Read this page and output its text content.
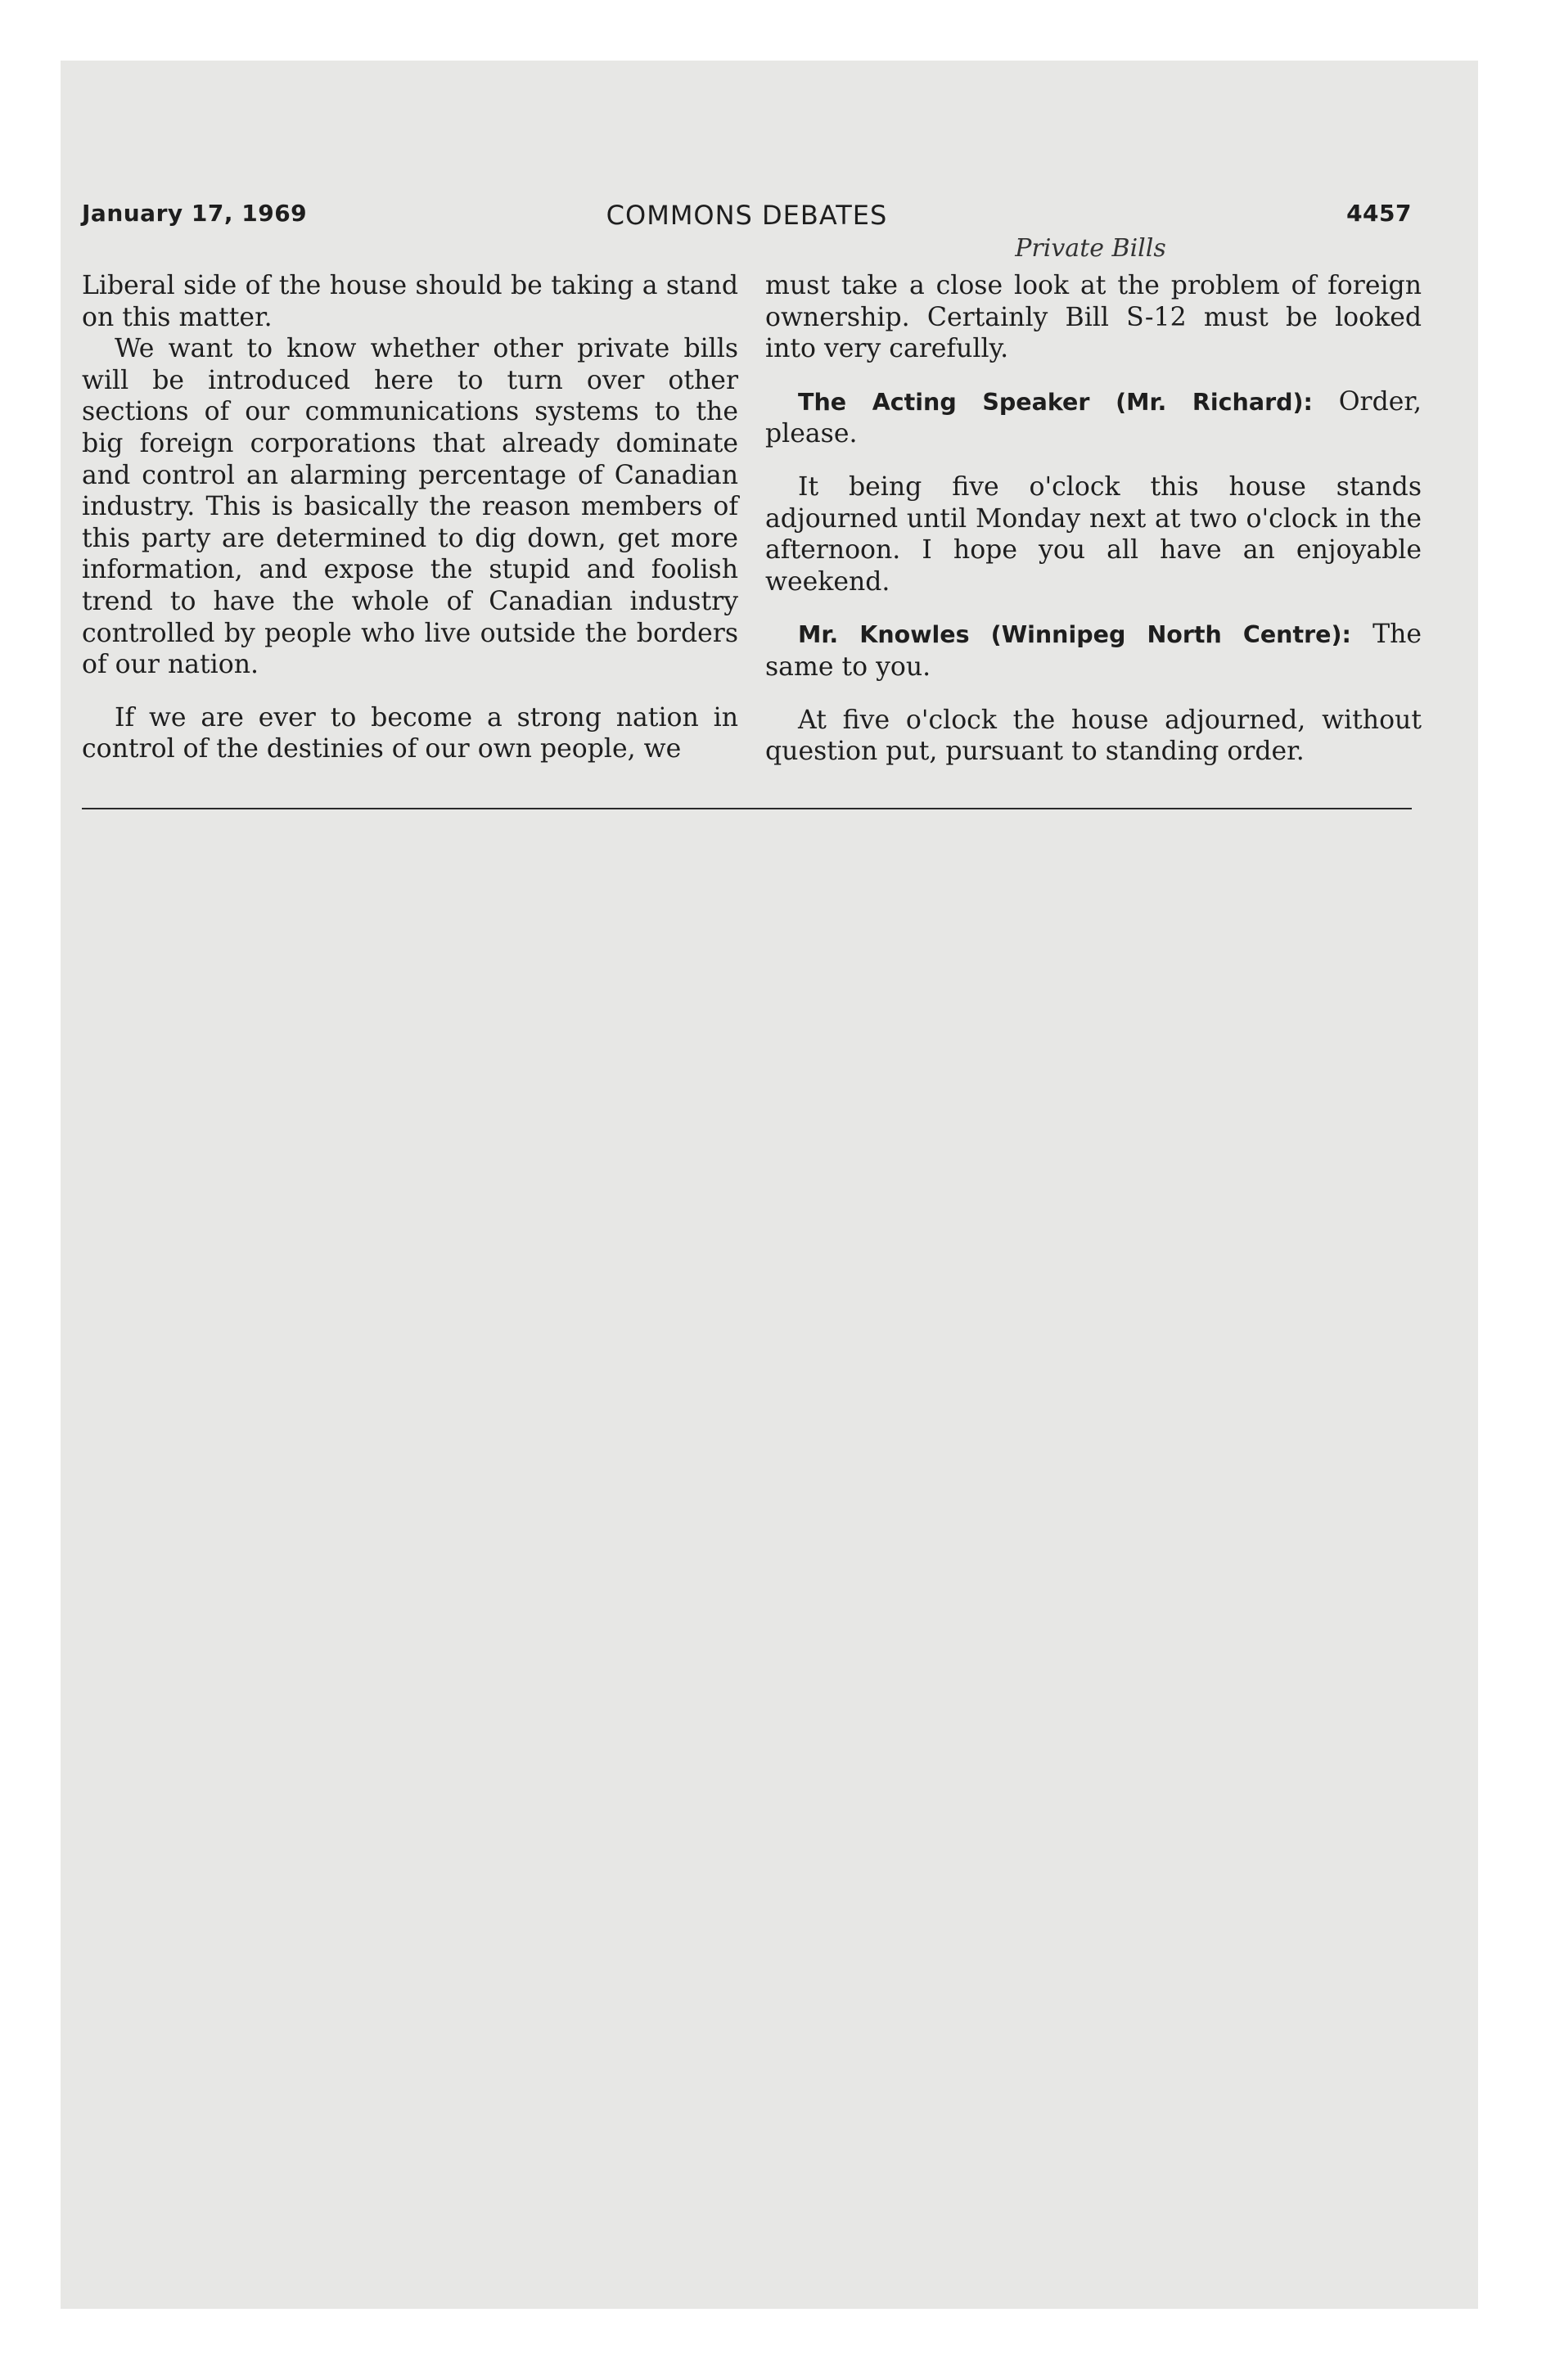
January 17, 1969	COMMONS DEBATES	4457
Private Bills

Liberal side of the house should be taking a stand on this matter.

We want to know whether other private bills will be introduced here to turn over other sections of our communications systems to the big foreign corporations that already dominate and control an alarming percentage of Canadian industry. This is basically the reason members of this party are determined to dig down, get more information, and expose the stupid and foolish trend to have the whole of Canadian industry controlled by people who live outside the borders of our nation.

If we are ever to become a strong nation in control of the destinies of our own people, we

must take a close look at the problem of foreign ownership. Certainly Bill S-12 must be looked into very carefully.

The Acting Speaker (Mr. Richard): Order, please.

It being five o'clock this house stands adjourned until Monday next at two o'clock in the afternoon. I hope you all have an enjoyable weekend.

Mr. Knowles (Winnipeg North Centre): The same to you.

At five o'clock the house adjourned, without question put, pursuant to standing order.
